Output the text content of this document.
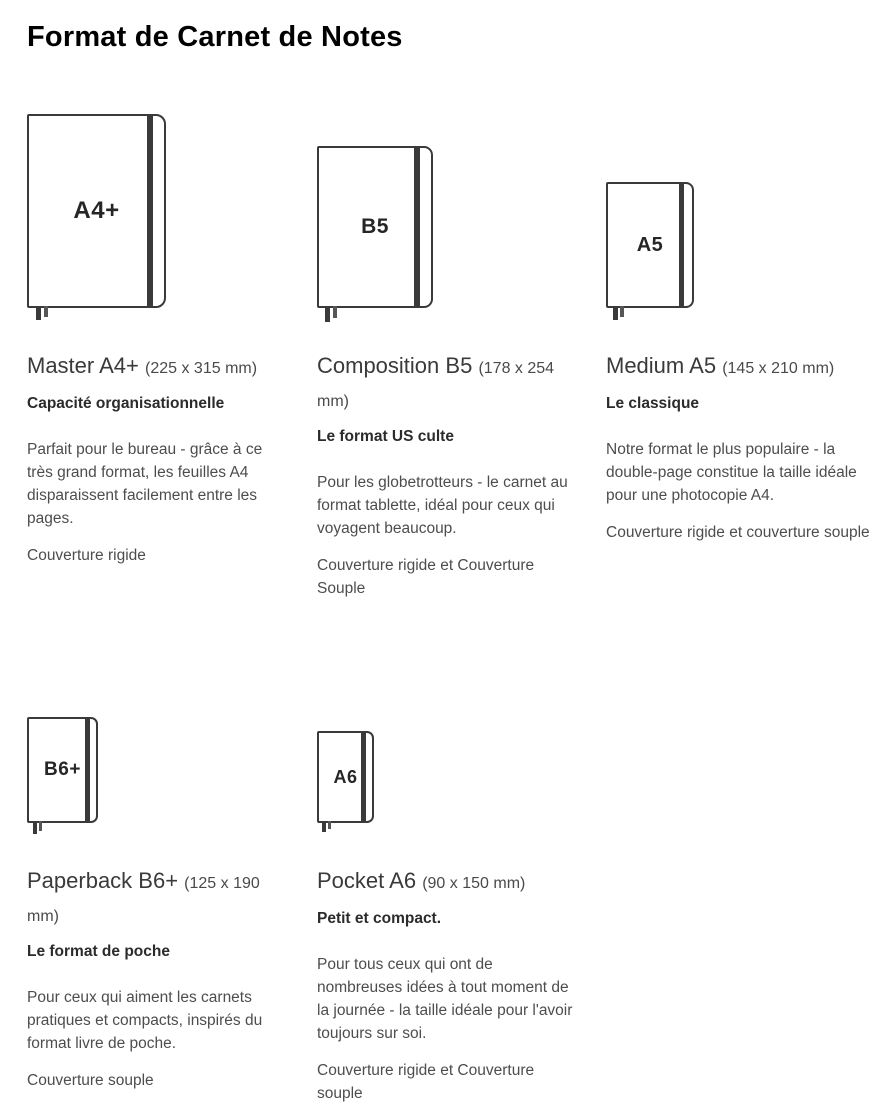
Format de Carnet de Notes
A4+
Master A4+ (225 x 315 mm)
Capacité organisationnelle

Parfait pour le bureau - grâce à ce très grand format, les feuilles A4 disparaissent facilement entre les pages.

Couverture rigide

B5
Composition B5 (178 x 254 mm)
Le format US culte

Pour les globetrotteurs - le carnet au format tablette, idéal pour ceux qui voyagent beaucoup.

Couverture rigide et Couverture Souple

A5
Medium A5 (145 x 210 mm)
Le classique

Notre format le plus populaire - la double-page constitue la taille idéale pour une photocopie A4.

Couverture rigide et couverture souple

B6+
Paperback B6+ (125 x 190 mm)
Le format de poche

Pour ceux qui aiment les carnets pratiques et compacts, inspirés du format livre de poche.

Couverture souple

A6
Pocket A6 (90 x 150 mm)
Petit et compact.

Pour tous ceux qui ont de nombreuses idées à tout moment de la journée - la taille idéale pour l'avoir toujours sur soi.

Couverture rigide et Couverture souple
